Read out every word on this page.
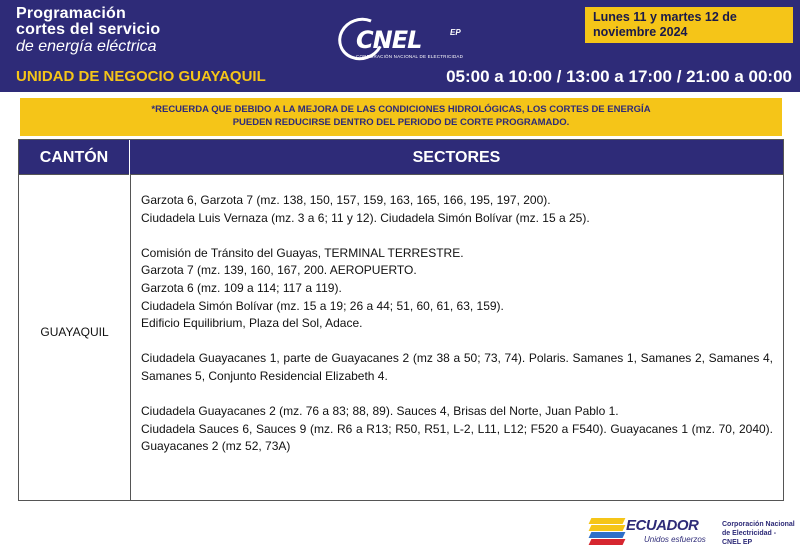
Programación
cortes del servicio
de energía eléctrica
UNIDAD DE NEGOCIO GUAYAQUIL
CNEL	EP
CORPORACIÓN NACIONAL DE ELECTRICIDAD
Lunes 11 y martes 12 de noviembre 2024
05:00 a 10:00 / 13:00 a 17:00 / 21:00 a 00:00
*RECUERDA QUE DEBIDO A LA MEJORA DE LAS CONDICIONES HIDROLÓGICAS, LOS CORTES DE ENERGÍA
PUEDEN REDUCIRSE DENTRO DEL PERIODO DE CORTE PROGRAMADO.
CANTÓN	SECTORES
GUAYAQUIL
Garzota 6, Garzota 7 (mz. 138, 150, 157, 159, 163, 165, 166, 195, 197, 200).
Ciudadela Luis Vernaza (mz. 3 a 6; 11 y 12). Ciudadela Simón Bolívar (mz. 15 a 25).
Comisión de Tránsito del Guayas, TERMINAL TERRESTRE.
Garzota 7 (mz. 139, 160, 167, 200. AEROPUERTO.
Garzota 6 (mz. 109 a 114; 117 a 119).
Ciudadela Simón Bolívar (mz. 15 a 19; 26 a 44; 51, 60, 61, 63, 159).
Edificio Equilibrium, Plaza del Sol, Adace.
Ciudadela Guayacanes 1, parte de Guayacanes 2 (mz 38 a 50; 73, 74). Polaris. Samanes 1, Samanes 2, Samanes 4, Samanes 5, Conjunto Residencial Elizabeth 4.
Ciudadela Guayacanes 2 (mz. 76 a 83; 88, 89). Sauces 4, Brisas del Norte, Juan Pablo 1.
Ciudadela Sauces 6, Sauces 9 (mz. R6 a R13; R50, R51, L-2, L11, L12; F520 a F540). Guayacanes 1 (mz. 70, 2040). Guayacanes 2 (mz 52, 73A)
ECUADOR
Unidos esfuerzos
Corporación Nacional
de Electricidad - CNEL EP
